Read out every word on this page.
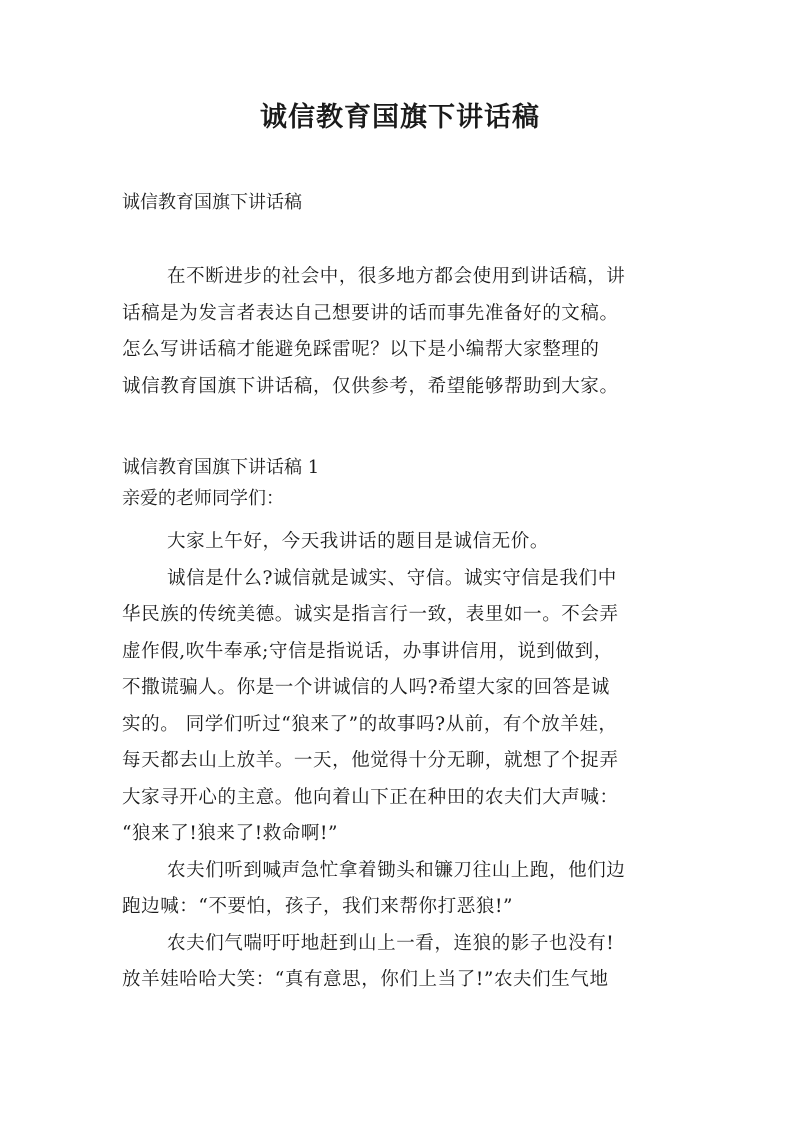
诚信教育国旗下讲话稿
诚信教育国旗下讲话稿
在不断进步的社会中，很多地方都会使用到讲话稿，讲
话稿是为发言者表达自己想要讲的话而事先准备好的文稿。
怎么写讲话稿才能避免踩雷呢？以下是小编帮大家整理的
诚信教育国旗下讲话稿，仅供参考，希望能够帮助到大家。
诚信教育国旗下讲话稿 1
亲爱的老师同学们：
大家上午好，今天我讲话的题目是诚信无价。
诚信是什么?诚信就是诚实、守信。诚实守信是我们中
华民族的传统美德。诚实是指言行一致，表里如一。不会弄
虚作假,吹牛奉承;守信是指说话，办事讲信用，说到做到，
不撒谎骗人。你是一个讲诚信的人吗?希望大家的回答是诚
实的。 同学们听过“狼来了”的故事吗?从前，有个放羊娃，
每天都去山上放羊。一天，他觉得十分无聊，就想了个捉弄
大家寻开心的主意。他向着山下正在种田的农夫们大声喊：
“狼来了!狼来了!救命啊!”
农夫们听到喊声急忙拿着锄头和镰刀往山上跑，他们边
跑边喊：“不要怕，孩子，我们来帮你打恶狼!”
农夫们气喘吁吁地赶到山上一看，连狼的影子也没有!
放羊娃哈哈大笑：“真有意思，你们上当了!”农夫们生气地
